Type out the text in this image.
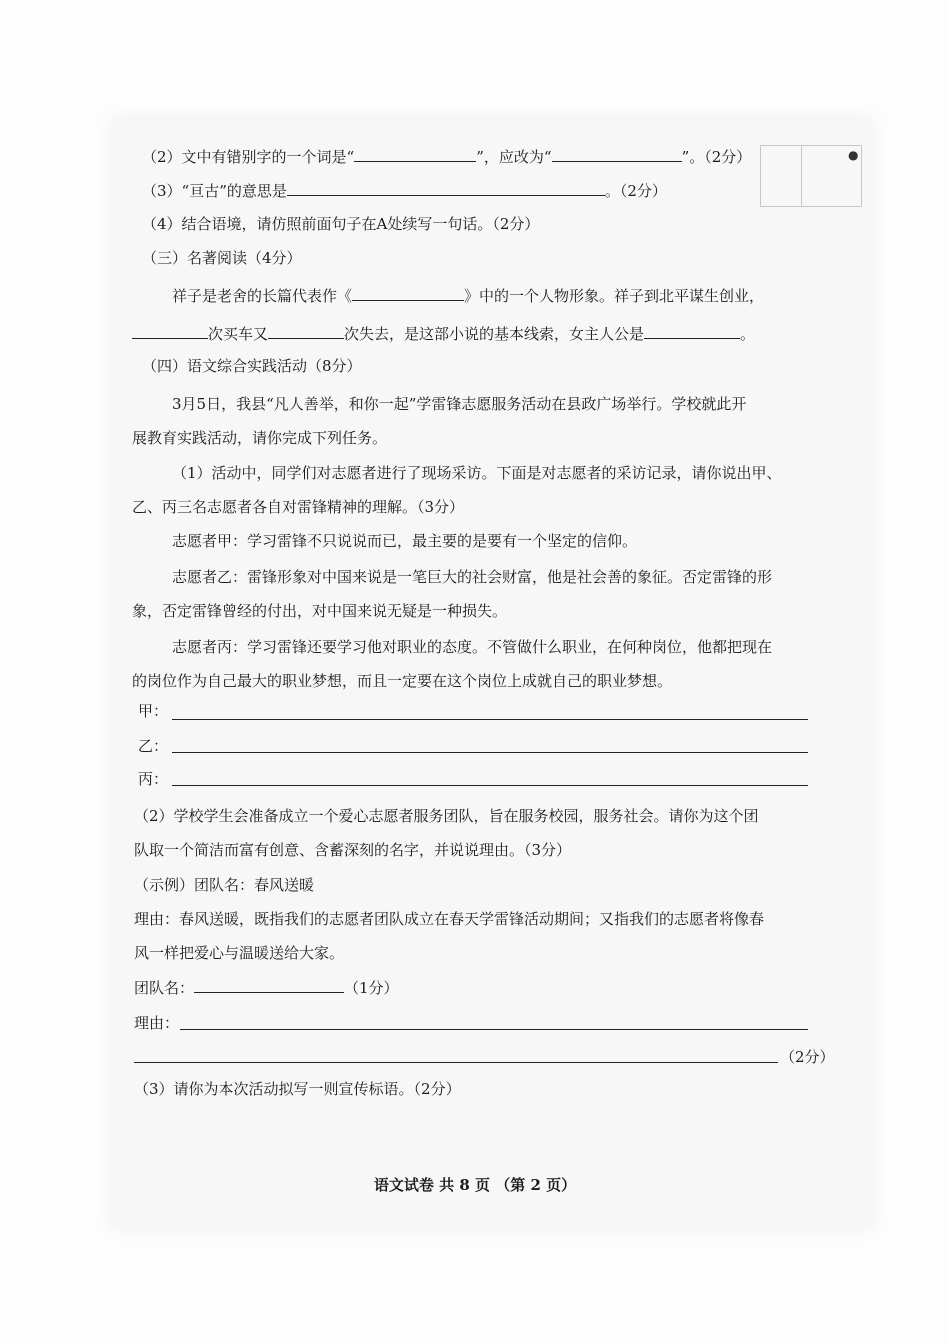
●
（2）文中有错别字的一个词是“	”，应改为“	”。（2分）
（3）“亘古”的意思是	。（2分）
（4）结合语境，请仿照前面句子在A处续写一句话。（2分）
（三）名著阅读（4分）
祥子是老舍的长篇代表作《	》中的一个人物形象。祥子到北平谋生创业，
次买车又	次失去，是这部小说的基本线索，女主人公是	。
（四）语文综合实践活动（8分）
3月5日，我县“凡人善举，和你一起”学雷锋志愿服务活动在县政广场举行。学校就此开
展教育实践活动，请你完成下列任务。
（1）活动中，同学们对志愿者进行了现场采访。下面是对志愿者的采访记录，请你说出甲、
乙、丙三名志愿者各自对雷锋精神的理解。（3分）
志愿者甲：学习雷锋不只说说而已，最主要的是要有一个坚定的信仰。
志愿者乙：雷锋形象对中国来说是一笔巨大的社会财富，他是社会善的象征。否定雷锋的形
象，否定雷锋曾经的付出，对中国来说无疑是一种损失。
志愿者丙：学习雷锋还要学习他对职业的态度。不管做什么职业，在何种岗位，他都把现在
的岗位作为自己最大的职业梦想，而且一定要在这个岗位上成就自己的职业梦想。
甲：
乙：
丙：
（2）学校学生会准备成立一个爱心志愿者服务团队，旨在服务校园，服务社会。请你为这个团
队取一个简洁而富有创意、含蓄深刻的名字，并说说理由。（3分）
（示例）团队名：春风送暖
理由：春风送暖，既指我们的志愿者团队成立在春天学雷锋活动期间；又指我们的志愿者将像春
风一样把爱心与温暖送给大家。
团队名：	（1分）
理由：
（2分）
（3）请你为本次活动拟写一则宣传标语。（2分）
语文试卷 共 8 页 （第 2 页）
